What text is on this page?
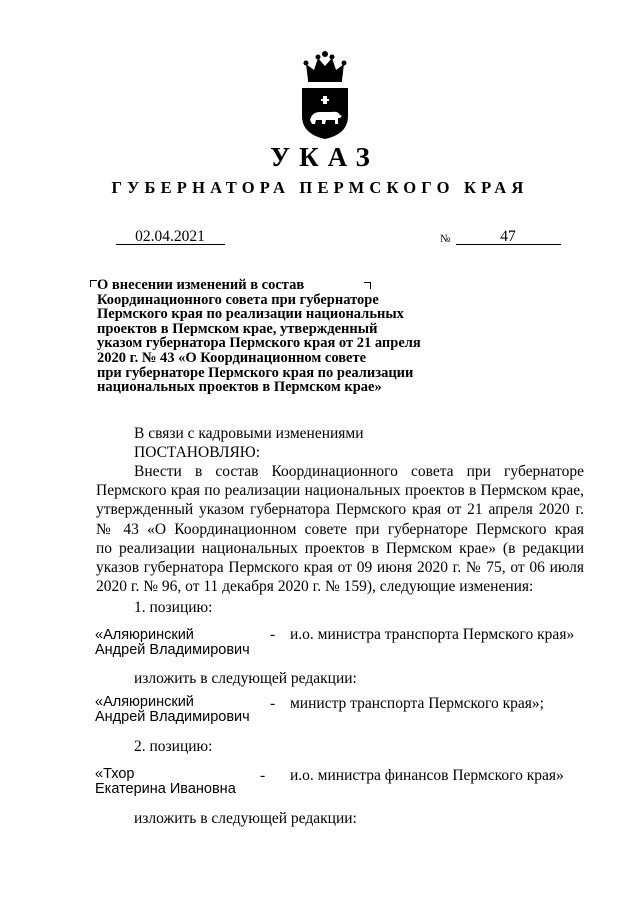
УКАЗ
ГУБЕРНАТОРА ПЕРМСКОГО КРАЯ
02.04.2021	№	47
О внесении изменений в состав
Координационного совета при губернаторе
Пермского края по реализации национальных
проектов в Пермском крае, утвержденный
указом губернатора Пермского края от 21 апреля
2020 г. № 43 «О Координационном совете
при губернаторе Пермского края по реализации
национальных проектов в Пермском крае»
В связи с кадровыми изменениями
ПОСТАНОВЛЯЮ:
Внести в состав Координационного совета при губернаторе
Пермского края по реализации национальных проектов в Пермском крае,
утвержденный указом губернатора Пермского края от 21 апреля 2020 г.
№ 43 «О Координационном совете при губернаторе Пермского края
по реализации национальных проектов в Пермском крае» (в редакции
указов губернатора Пермского края от 09 июня 2020 г. № 75, от 06 июля
2020 г. № 96, от 11 декабря 2020 г. № 159), следующие изменения:
1. позицию:
«Аляюринский
Андрей Владимирович
- и.о. министра транспорта Пермского края»
изложить в следующей редакции:
«Аляюринский
Андрей Владимирович
- министр транспорта Пермского края»;
2. позицию:
«Тхор
Екатерина Ивановна
- и.о. министра финансов Пермского края»
изложить в следующей редакции:
